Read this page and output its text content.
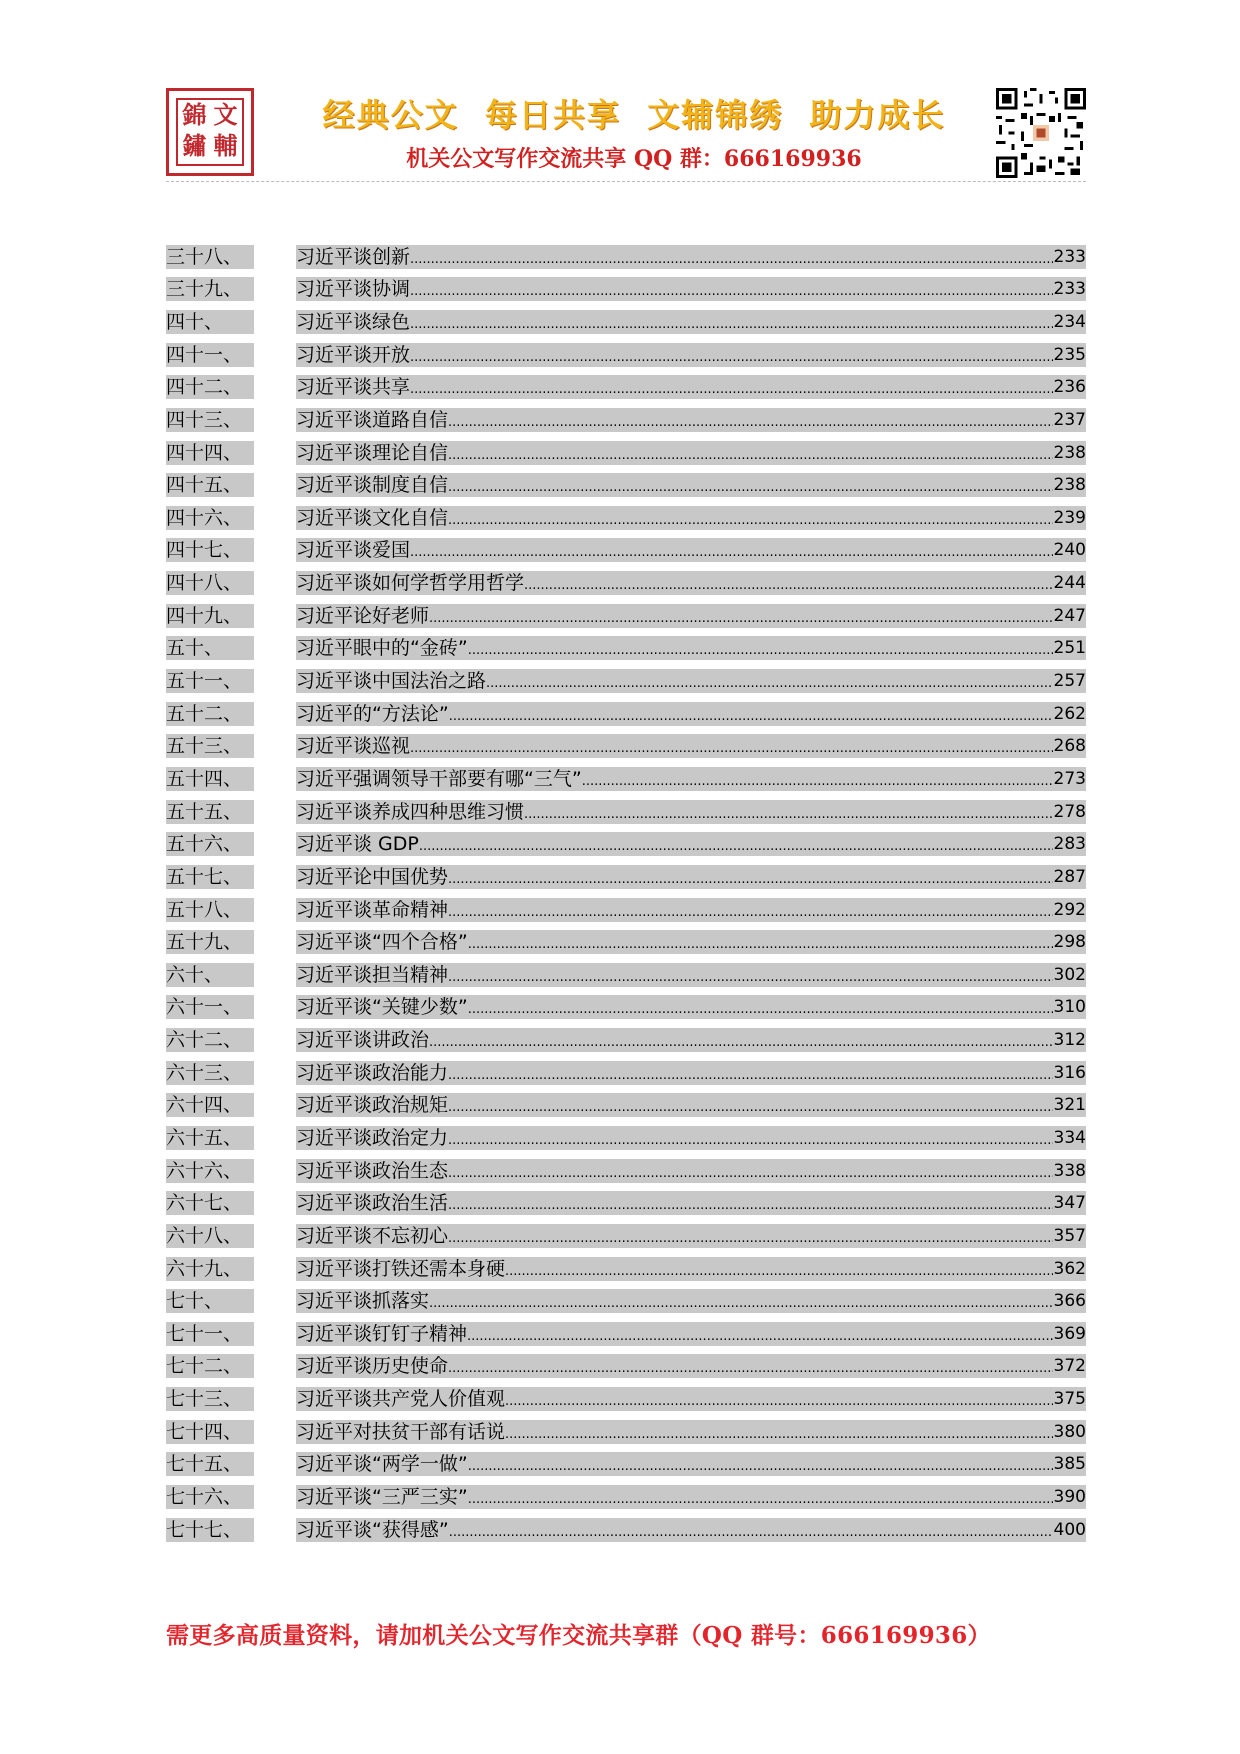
錦 文
鏽 輔
经典公文  每日共享  文辅锦绣  助力成长
机关公文写作交流共享 QQ 群：666169936
三十八、	习近平谈创新 .....	233
三十九、	习近平谈协调 .....	233
四十、	习近平谈绿色 .....	234
四十一、	习近平谈开放 .....	235
四十二、	习近平谈共享 .....	236
四十三、	习近平谈道路自信 .....	237
四十四、	习近平谈理论自信 .....	238
四十五、	习近平谈制度自信 .....	238
四十六、	习近平谈文化自信 .....	239
四十七、	习近平谈爱国 .....	240
四十八、	习近平谈如何学哲学用哲学 .....	244
四十九、	习近平论好老师 .....	247
五十、	习近平眼中的“金砖” .....	251
五十一、	习近平谈中国法治之路 .....	257
五十二、	习近平的“方法论” .....	262
五十三、	习近平谈巡视 .....	268
五十四、	习近平强调领导干部要有哪“三气” .....	273
五十五、	习近平谈养成四种思维习惯 .....	278
五十六、	习近平谈 GDP .....	283
五十七、	习近平论中国优势 .....	287
五十八、	习近平谈革命精神 .....	292
五十九、	习近平谈“四个合格” .....	298
六十、	习近平谈担当精神 .....	302
六十一、	习近平谈“关键少数” .....	310
六十二、	习近平谈讲政治 .....	312
六十三、	习近平谈政治能力 .....	316
六十四、	习近平谈政治规矩 .....	321
六十五、	习近平谈政治定力 .....	334
六十六、	习近平谈政治生态 .....	338
六十七、	习近平谈政治生活 .....	347
六十八、	习近平谈不忘初心 .....	357
六十九、	习近平谈打铁还需本身硬 .....	362
七十、	习近平谈抓落实 .....	366
七十一、	习近平谈钉钉子精神 .....	369
七十二、	习近平谈历史使命 .....	372
七十三、	习近平谈共产党人价值观 .....	375
七十四、	习近平对扶贫干部有话说 .....	380
七十五、	习近平谈“两学一做” .....	385
七十六、	习近平谈“三严三实” .....	390
七十七、	习近平谈“获得感” .....	400
需更多高质量资料，请加机关公文写作交流共享群（QQ 群号：666169936）
